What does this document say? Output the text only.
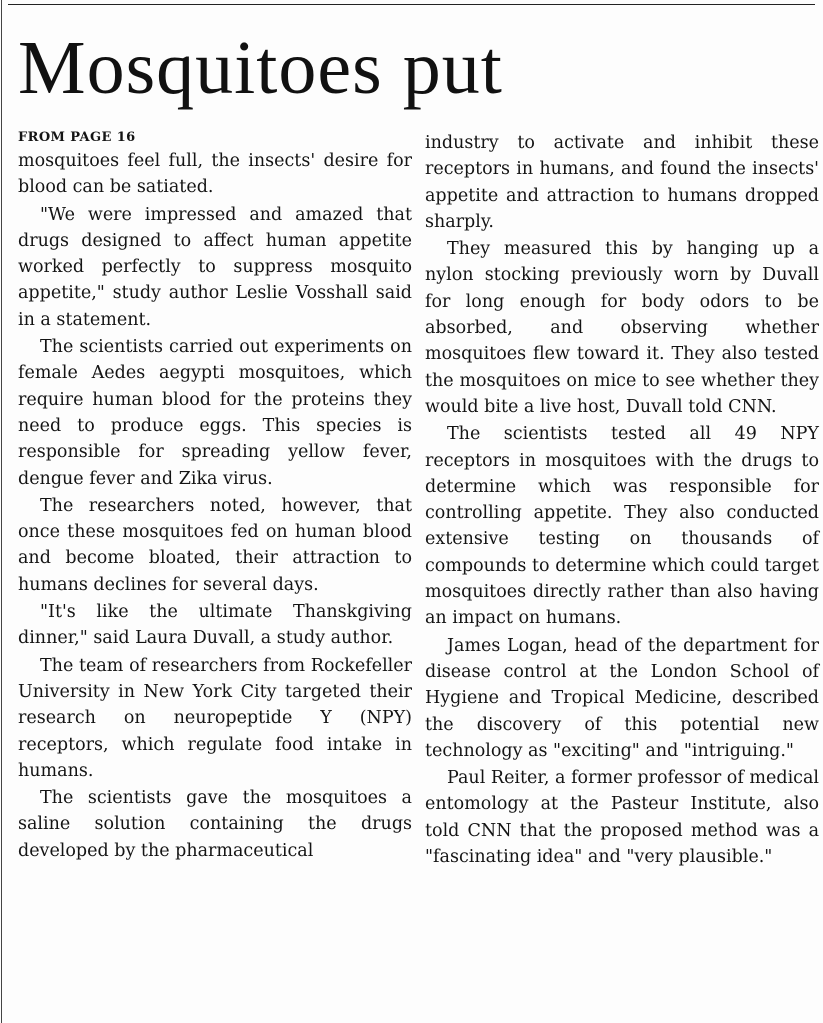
Mosquitoes put
FROM PAGE 16

mosquitoes feel full, the insects' desire for blood can be satiated.

"We were impressed and amazed that drugs designed to affect human appetite worked perfectly to suppress mosquito appetite," study author Leslie Vosshall said in a statement.

The scientists carried out experiments on female Aedes aegypti mosquitoes, which require human blood for the proteins they need to produce eggs. This species is responsible for spreading yellow fever, dengue fever and Zika virus.

The researchers noted, however, that once these mosquitoes fed on human blood and become bloated, their attraction to humans declines for several days.

"It's like the ultimate Thanskgiving dinner," said Laura Duvall, a study author.

The team of researchers from Rockefeller University in New York City targeted their research on neuropeptide Y (NPY) receptors, which regulate food intake in humans.

The scientists gave the mosquitoes a saline solution containing the drugs developed by the pharmaceutical

industry to activate and inhibit these receptors in humans, and found the insects' appetite and attraction to humans dropped sharply.

They measured this by hanging up a nylon stocking previously worn by Duvall for long enough for body odors to be absorbed, and observing whether mosquitoes flew toward it. They also tested the mosquitoes on mice to see whether they would bite a live host, Duvall told CNN.

The scientists tested all 49 NPY receptors in mosquitoes with the drugs to determine which was responsible for controlling appetite. They also conducted extensive testing on thousands of compounds to determine which could target mosquitoes directly rather than also having an impact on humans.

James Logan, head of the department for disease control at the London School of Hygiene and Tropical Medicine, described the discovery of this potential new technology as "exciting" and "intriguing."

Paul Reiter, a former professor of medical entomology at the Pasteur Institute, also told CNN that the proposed method was a "fascinating idea" and "very plausible."
